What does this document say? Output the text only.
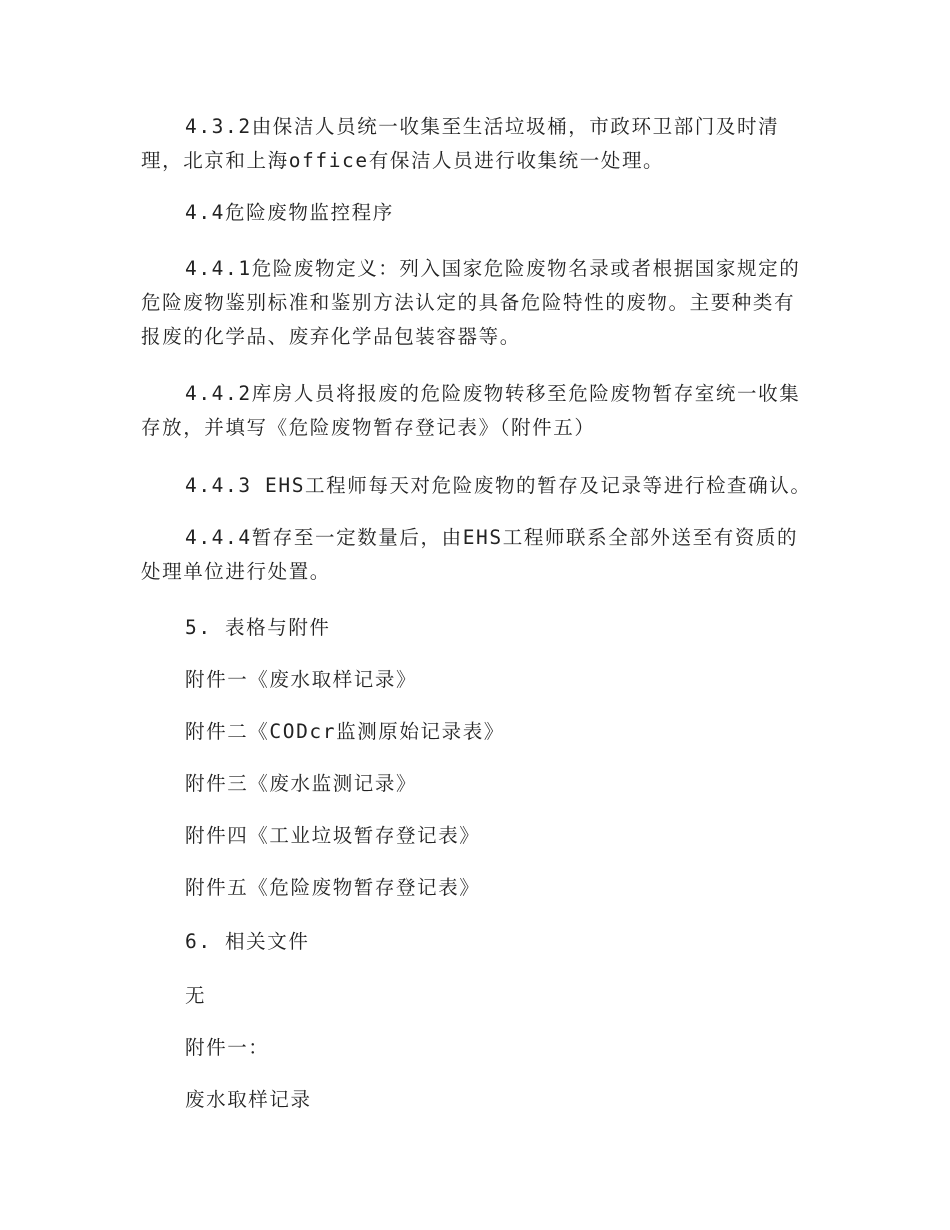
4.3.2由保洁人员统一收集至生活垃圾桶，市政环卫部门及时清理，北京和上海office有保洁人员进行收集统一处理。

4.4危险废物监控程序

4.4.1危险废物定义：列入国家危险废物名录或者根据国家规定的危险废物鉴别标准和鉴别方法认定的具备危险特性的废物。主要种类有报废的化学品、废弃化学品包装容器等。

4.4.2库房人员将报废的危险废物转移至危险废物暂存室统一收集存放，并填写《危险废物暂存登记表》（附件五）

4.4.3 EHS工程师每天对危险废物的暂存及记录等进行检查确认。

4.4.4暂存至一定数量后，由EHS工程师联系全部外送至有资质的处理单位进行处置。

5. 表格与附件

附件一《废水取样记录》

附件二《CODcr监测原始记录表》

附件三《废水监测记录》

附件四《工业垃圾暂存登记表》

附件五《危险废物暂存登记表》

6. 相关文件

无

附件一：

废水取样记录
